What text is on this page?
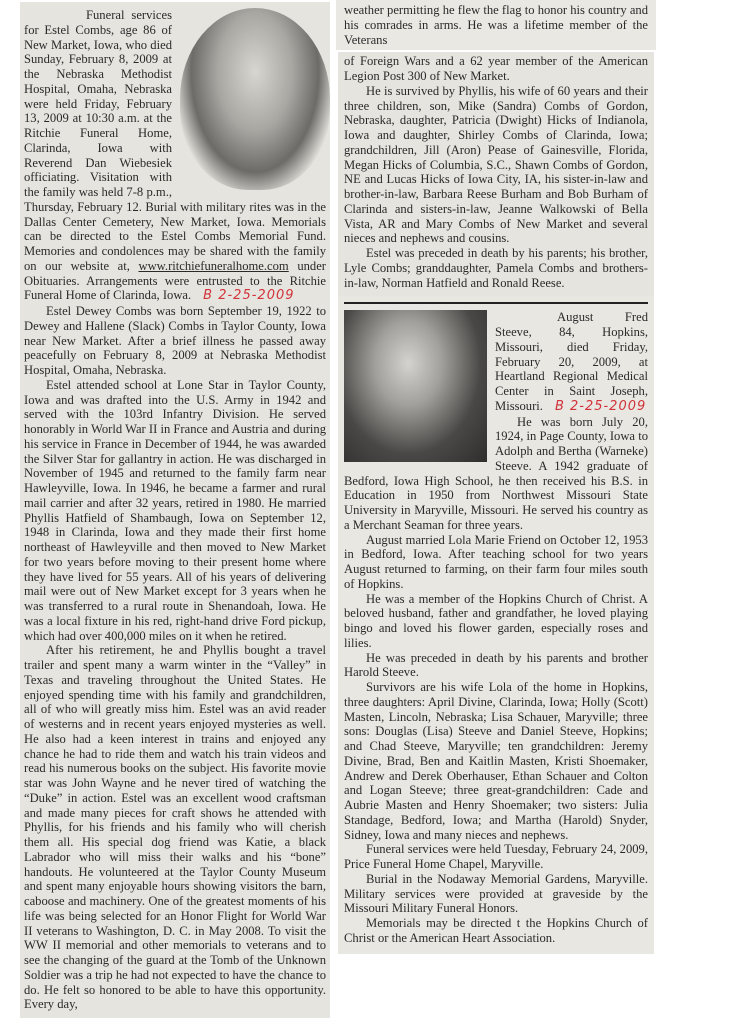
Funeral services for Estel Combs, age 86 of New Market, Iowa, who died Sunday, February 8, 2009 at the Nebraska Methodist Hospital, Omaha, Nebraska were held Friday, February 13, 2009 at 10:30 a.m. at the Ritchie Funeral Home, Clarinda, Iowa with Reverend Dan Wiebesiek officiating. Visitation with the family was held 7-8 p.m., Thursday, February 12. Burial with military rites was in the Dallas Center Cemetery, New Market, Iowa. Memorials can be directed to the Estel Combs Memorial Fund. Memories and condolences may be shared with the family on our website at, www.ritchiefuneralhome.com under Obituaries. Arrangements were entrusted to the Ritchie Funeral Home of Clarinda, Iowa. B 2-25-2009

Estel Dewey Combs was born September 19, 1922 to Dewey and Hallene (Slack) Combs in Taylor County, Iowa near New Market. After a brief illness he passed away peacefully on February 8, 2009 at Nebraska Methodist Hospital, Omaha, Nebraska.

Estel attended school at Lone Star in Taylor County, Iowa and was drafted into the U.S. Army in 1942 and served with the 103rd Infantry Division. He served honorably in World War II in France and Austria and during his service in France in December of 1944, he was awarded the Silver Star for gallantry in action. He was discharged in November of 1945 and returned to the family farm near Hawleyville, Iowa. In 1946, he became a farmer and rural mail carrier and after 32 years, retired in 1980. He married Phyllis Hatfield of Shambaugh, Iowa on September 12, 1948 in Clarinda, Iowa and they made their first home northeast of Hawleyville and then moved to New Market for two years before moving to their present home where they have lived for 55 years. All of his years of delivering mail were out of New Market except for 3 years when he was transferred to a rural route in Shenandoah, Iowa. He was a local fixture in his red, right-hand drive Ford pickup, which had over 400,000 miles on it when he retired.

After his retirement, he and Phyllis bought a travel trailer and spent many a warm winter in the “Valley” in Texas and traveling throughout the United States. He enjoyed spending time with his family and grandchildren, all of who will greatly miss him. Estel was an avid reader of westerns and in recent years enjoyed mysteries as well. He also had a keen interest in trains and enjoyed any chance he had to ride them and watch his train videos and read his numerous books on the subject. His favorite movie star was John Wayne and he never tired of watching the “Duke” in action. Estel was an excellent wood craftsman and made many pieces for craft shows he attended with Phyllis, for his friends and his family who will cherish them all. His special dog friend was Katie, a black Labrador who will miss their walks and his “bone” handouts. He volunteered at the Taylor County Museum and spent many enjoyable hours showing visitors the barn, caboose and machinery. One of the greatest moments of his life was being selected for an Honor Flight for World War II veterans to Washington, D. C. in May 2008. To visit the WW II memorial and other memorials to veterans and to see the changing of the guard at the Tomb of the Unknown Soldier was a trip he had not expected to have the chance to do. He felt so honored to be able to have this opportunity. Every day,

weather permitting he flew the flag to honor his country and his comrades in arms. He was a lifetime member of the Veterans

of Foreign Wars and a 62 year member of the American Legion Post 300 of New Market.

He is survived by Phyllis, his wife of 60 years and their three children, son, Mike (Sandra) Combs of Gordon, Nebraska, daughter, Patricia (Dwight) Hicks of Indianola, Iowa and daughter, Shirley Combs of Clarinda, Iowa; grandchildren, Jill (Aron) Pease of Gainesville, Florida, Megan Hicks of Columbia, S.C., Shawn Combs of Gordon, NE and Lucas Hicks of Iowa City, IA, his sister-in-law and brother-in-law, Barbara Reese Burham and Bob Burham of Clarinda and sisters-in-law, Jeanne Walkowski of Bella Vista, AR and Mary Combs of New Market and several nieces and nephews and cousins.

Estel was preceded in death by his parents; his brother, Lyle Combs; granddaughter, Pamela Combs and brothers-in-law, Norman Hatfield and Ronald Reese.

August Fred Steeve, 84, Hopkins, Missouri, died Friday, February 20, 2009, at Heartland Regional Medical Center in Saint Joseph, Missouri. B 2-25-2009

He was born July 20, 1924, in Page County, Iowa to Adolph and Bertha (Warneke) Steeve. A 1942 graduate of Bedford, Iowa High School, he then received his B.S. in Education in 1950 from Northwest Missouri State University in Maryville, Missouri. He served his country as a Merchant Seaman for three years.

August married Lola Marie Friend on October 12, 1953 in Bedford, Iowa. After teaching school for two years August returned to farming, on their farm four miles south of Hopkins.

He was a member of the Hopkins Church of Christ. A beloved husband, father and grandfather, he loved playing bingo and loved his flower garden, especially roses and lilies.

He was preceded in death by his parents and brother Harold Steeve.

Survivors are his wife Lola of the home in Hopkins, three daughters: April Divine, Clarinda, Iowa; Holly (Scott) Masten, Lincoln, Nebraska; Lisa Schauer, Maryville; three sons: Douglas (Lisa) Steeve and Daniel Steeve, Hopkins; and Chad Steeve, Maryville; ten grandchildren: Jeremy Divine, Brad, Ben and Kaitlin Masten, Kristi Shoemaker, Andrew and Derek Oberhauser, Ethan Schauer and Colton and Logan Steeve; three great-grandchildren: Cade and Aubrie Masten and Henry Shoemaker; two sisters: Julia Standage, Bedford, Iowa; and Martha (Harold) Snyder, Sidney, Iowa and many nieces and nephews.

Funeral services were held Tuesday, February 24, 2009, Price Funeral Home Chapel, Maryville.

Burial in the Nodaway Memorial Gardens, Maryville. Military services were provided at graveside by the Missouri Military Funeral Honors.

Memorials may be directed t the Hopkins Church of Christ or the American Heart Association.
